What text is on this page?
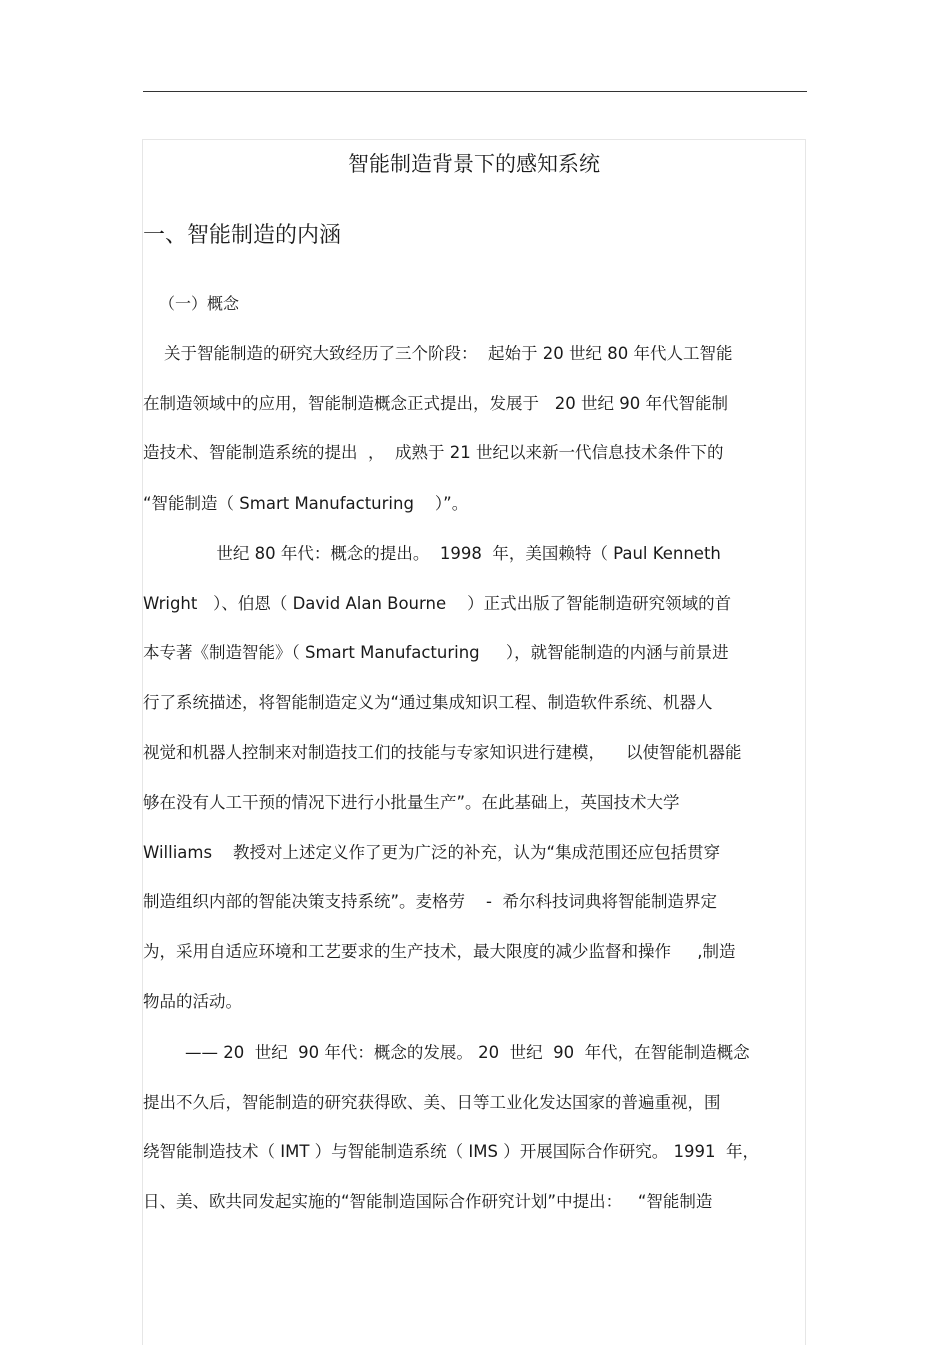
智能制造背景下的感知系统
一、智能制造的内涵
（一）概念
关于智能制造的研究大致经历了三个阶段：  起始于 20 世纪 80 年代人工智能
在制造领域中的应用，智能制造概念正式提出，发展于   20 世纪 90 年代智能制
造技术、智能制造系统的提出  ，  成熟于 21 世纪以来新一代信息技术条件下的
“智能制造（ Smart Manufacturing    ）”。
世纪 80 年代：概念的提出。  1998  年，美国赖特（ Paul Kenneth
Wright   ）、伯恩（ David Alan Bourne    ）正式出版了智能制造研究领域的首
本专著《制造智能》（ Smart Manufacturing     ），就智能制造的内涵与前景进
行了系统描述，将智能制造定义为“通过集成知识工程、制造软件系统、机器人
视觉和机器人控制来对制造技工们的技能与专家知识进行建模，    以使智能机器能
够在没有人工干预的情况下进行小批量生产”。在此基础上，英国技术大学
Williams    教授对上述定义作了更为广泛的补充，认为“集成范围还应包括贯穿
制造组织内部的智能决策支持系统”。麦格劳    -  希尔科技词典将智能制造界定
为，采用自适应环境和工艺要求的生产技术，最大限度的减少监督和操作     ,制造
物品的活动。
—— 20  世纪  90 年代：概念的发展。 20  世纪  90  年代，在智能制造概念
提出不久后，智能制造的研究获得欧、美、日等工业化发达国家的普遍重视，围
绕智能制造技术（ IMT ）与智能制造系统（ IMS ）开展国际合作研究。 1991  年，
日、美、欧共同发起实施的“智能制造国际合作研究计划”中提出：   “智能制造
